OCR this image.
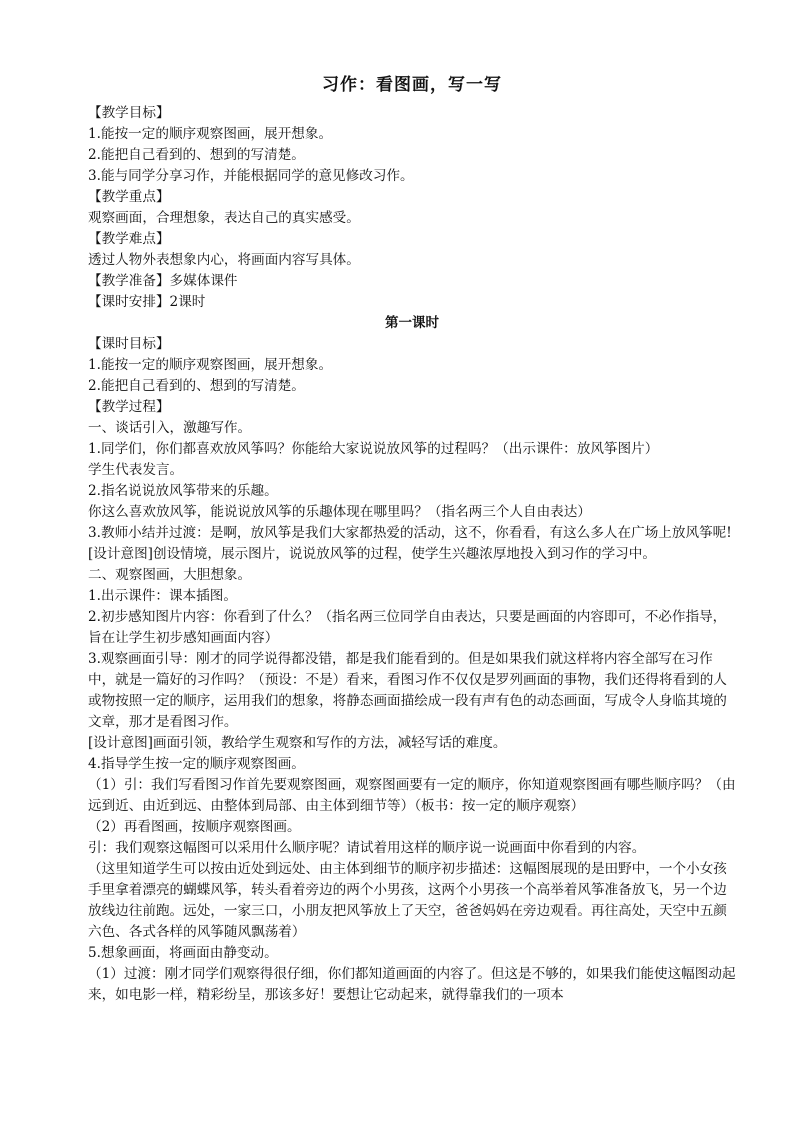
习作：看图画，写一写

【教学目标】

1.能按一定的顺序观察图画，展开想象。

2.能把自己看到的、想到的写清楚。

3.能与同学分享习作，并能根据同学的意见修改习作。

【教学重点】

观察画面，合理想象，表达自己的真实感受。

【教学难点】

透过人物外表想象内心，将画面内容写具体。

【教学准备】多媒体课件

【课时安排】2课时

第一课时

【课时目标】

1.能按一定的顺序观察图画，展开想象。

2.能把自己看到的、想到的写清楚。

【教学过程】

一、谈话引入，激趣写作。

1.同学们，你们都喜欢放风筝吗？你能给大家说说放风筝的过程吗？（出示课件：放风筝图片）

学生代表发言。

2.指名说说放风筝带来的乐趣。

你这么喜欢放风筝，能说说放风筝的乐趣体现在哪里吗？（指名两三个人自由表达）

3.教师小结并过渡：是啊，放风筝是我们大家都热爱的活动，这不，你看看，有这么多人在广场上放风筝呢!

[设计意图]创设情境，展示图片，说说放风筝的过程，使学生兴趣浓厚地投入到习作的学习中。

二、观察图画，大胆想象。

1.出示课件：课本插图。

2.初步感知图片内容：你看到了什么？（指名两三位同学自由表达，只要是画面的内容即可，不必作指导，旨在让学生初步感知画面内容）

3.观察画面引导：刚才的同学说得都没错，都是我们能看到的。但是如果我们就这样将内容全部写在习作中，就是一篇好的习作吗？（预设：不是）看来，看图习作不仅仅是罗列画面的事物，我们还得将看到的人或物按照一定的顺序，运用我们的想象，将静态画面描绘成一段有声有色的动态画面，写成令人身临其境的文章，那才是看图习作。

[设计意图]画面引领，教给学生观察和写作的方法，减轻写话的难度。

4.指导学生按一定的顺序观察图画。

（1）引：我们写看图习作首先要观察图画，观察图画要有一定的顺序，你知道观察图画有哪些顺序吗？（由远到近、由近到远、由整体到局部、由主体到细节等）（板书：按一定的顺序观察）

（2）再看图画，按顺序观察图画。

引：我们观察这幅图可以采用什么顺序呢？请试着用这样的顺序说一说画面中你看到的内容。

（这里知道学生可以按由近处到远处、由主体到细节的顺序初步描述：这幅图展现的是田野中，一个小女孩手里拿着漂亮的蝴蝶风筝，转头看着旁边的两个小男孩，这两个小男孩一个高举着风筝准备放飞，另一个边放线边往前跑。远处，一家三口，小朋友把风筝放上了天空，爸爸妈妈在旁边观看。再往高处，天空中五颜六色、各式各样的风筝随风飘荡着）

5.想象画面，将画面由静变动。

（1）过渡：刚才同学们观察得很仔细，你们都知道画面的内容了。但这是不够的，如果我们能使这幅图动起来，如电影一样，精彩纷呈，那该多好！要想让它动起来，就得靠我们的一项本
